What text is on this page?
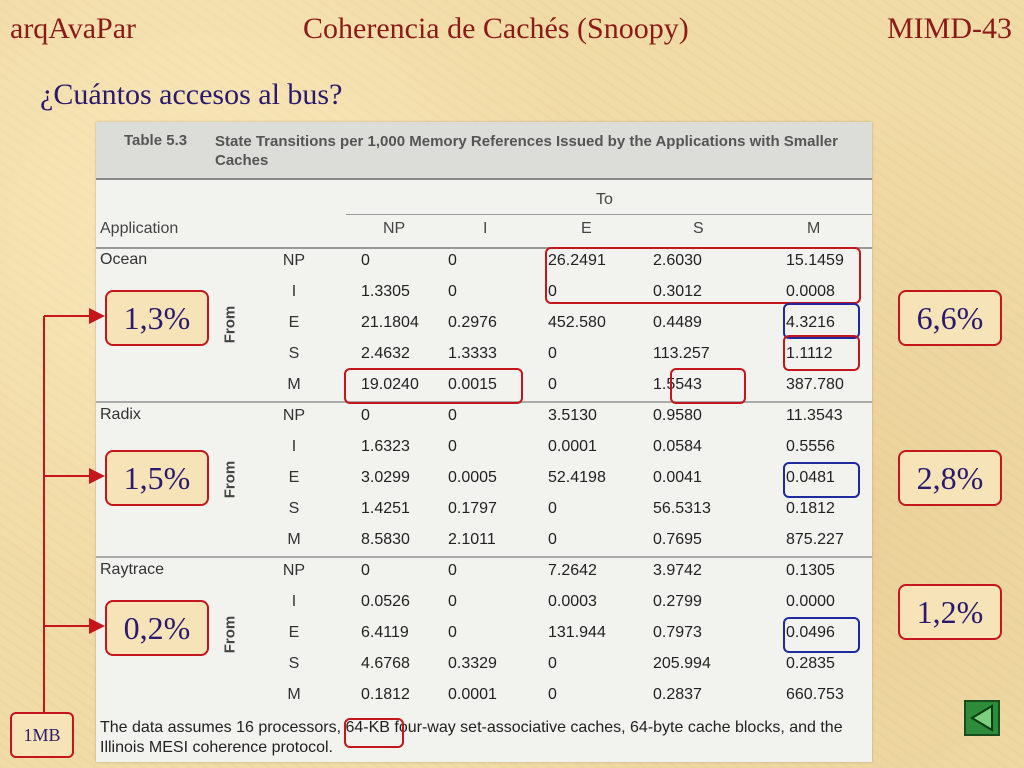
arqAvaPar	Coherencia de Cachés (Snoopy)	MIMD-43
¿Cuántos accesos al bus?
Table 5.3 State Transitions per 1,000 Memory References Issued by the Applications with Smaller Caches
To
Application	NP	I	E	S	M
Ocean
From
NP	0	0	26.2491	2.6030	15.1459
I	1.3305 0	0	0.3012	0.0008
E	21.1804 0.2976	452.580	0.4489	4.3216
S	2.4632 1.3333	0	113.257	1.1112
M	19.0240 0.0015	0	1.5543	387.780
Radix
From
NP	0	0	3.5130	0.9580	11.3543
I	1.6323 0	0.0001	0.0584	0.5556
E	3.0299 0.0005	52.4198	0.0041	0.0481
S	1.4251 0.1797	0	56.5313	0.1812
M	8.5830 2.1011	0	0.7695	875.227
Raytrace
From
NP	0	0	7.2642	3.9742	0.1305
I	0.0526 0	0.0003	0.2799	0.0000
E	6.4119 0	131.944	0.7973	0.0496
S	4.6768 0.3329	0	205.994	0.2835
M	0.1812 0.0001	0	0.2837	660.753
The data assumes 16 processors, 64-KB four-way set-associative caches, 64-byte cache blocks, and the Illinois MESI coherence protocol.
1,3%
1,5%
0,2%
6,6%
2,8%
1,2%
1MB
